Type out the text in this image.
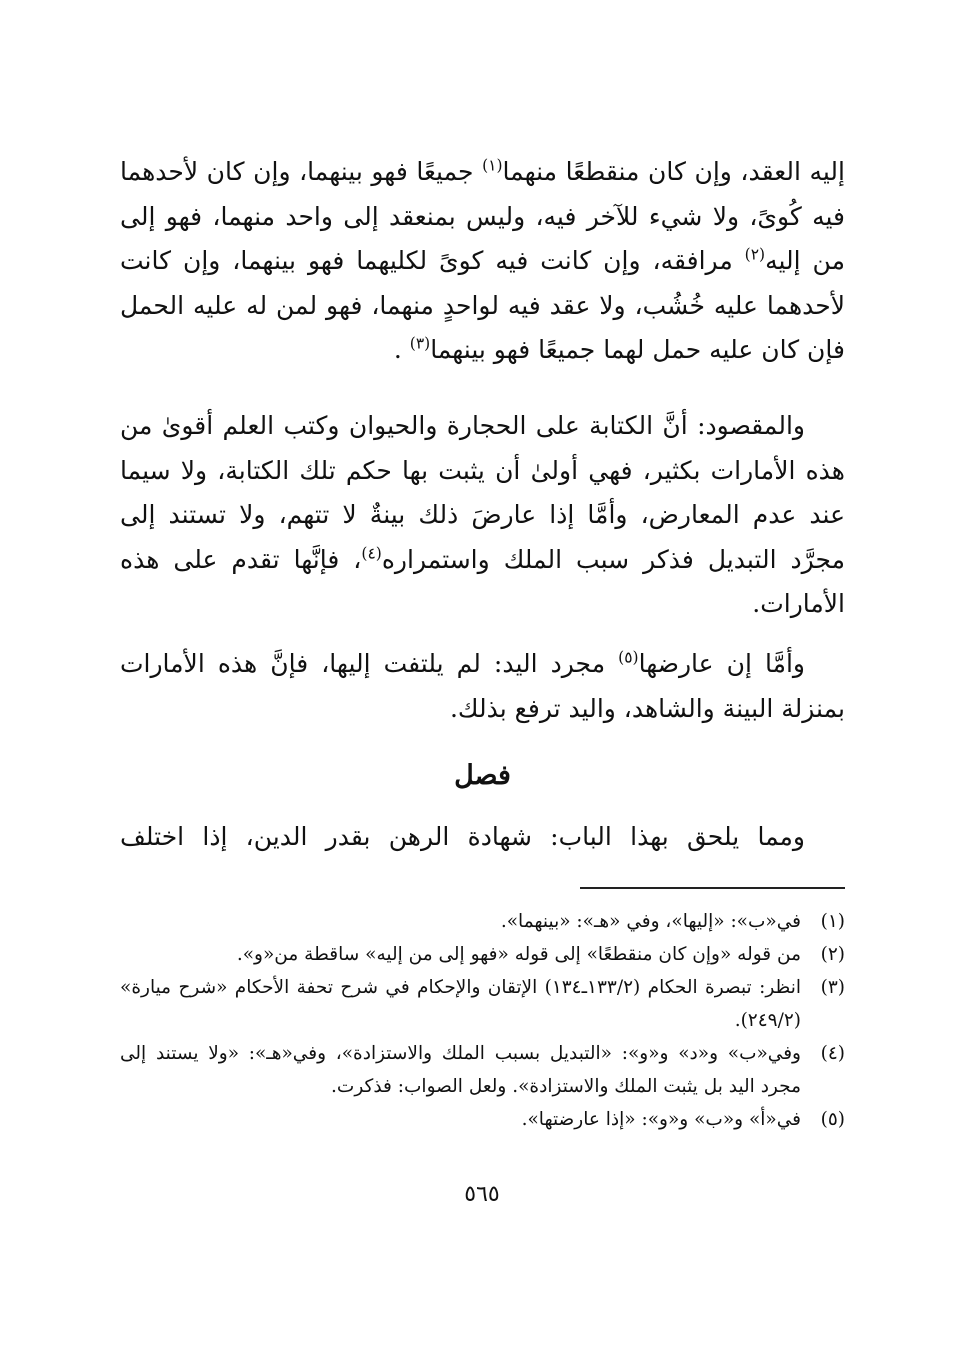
إليه العقد، وإن كان منقطعًا منهما$^{(١)}$ جميعًا فهو بينهما، وإن كان لأحدهما فيه كُوىً، ولا شيء للآخر فيه، وليس بمنعقد إلى واحد منهما، فهو إلى من إليه$^{(٢)}$ مرافقه، وإن كانت فيه كوىً لكليهما فهو بينهما، وإن كانت لأحدهما عليه خُشُب، ولا عقد فيه لواحدٍ منهما، فهو لمن له عليه الحمل فإن كان عليه حمل لهما جميعًا فهو بينهما$^{(٣)}$ .

والمقصود: أنَّ الكتابة على الحجارة والحيوان وكتب العلم أقوىٰ من هذه الأمارات بكثير، فهي أولىٰ أن يثبت بها حكم تلك الكتابة، ولا سيما عند عدم المعارض، وأمَّا إذا عارضَ ذلك بينةٌ لا تتهم، ولا تستند إلى مجرَّد التبديل فذكر سبب الملك واستمراره$^{(٤)}$، فإنَّها تقدم على هذه الأمارات.

وأمَّا إن عارضها$^{(٥)}$ مجرد اليد: لم يلتفت إليها، فإنَّ هذه الأمارات بمنزلة البينة والشاهد، واليد ترفع بذلك.

فصل

ومما يلحق بهذا الباب: شهادة الرهن بقدر الدين، إذا اختلف

(١)
في«ب»: «إليها»، وفي «هـ»: «بينهما».
(٢)
من قوله «وإن كان منقطعًا» إلى قوله «فهو إلى من إليه» ساقطة من«و».
(٣)
انظر: تبصرة الحكام (١٣٣/٢ـ١٣٤) الإتقان والإحكام في شرح تحفة الأحكام «شرح ميارة» (٢٤٩/٢).
(٤)
وفي«ب» و«د» و«و»: «التبديل بسبب الملك والاستزادة»، وفي«هـ»: «ولا يستند إلى مجرد اليد بل يثبت الملك والاستزادة». ولعل الصواب: فذكرت.
(٥)
في«أ» و«ب» و«و»: «إذا عارضتها».
٥٦٥
